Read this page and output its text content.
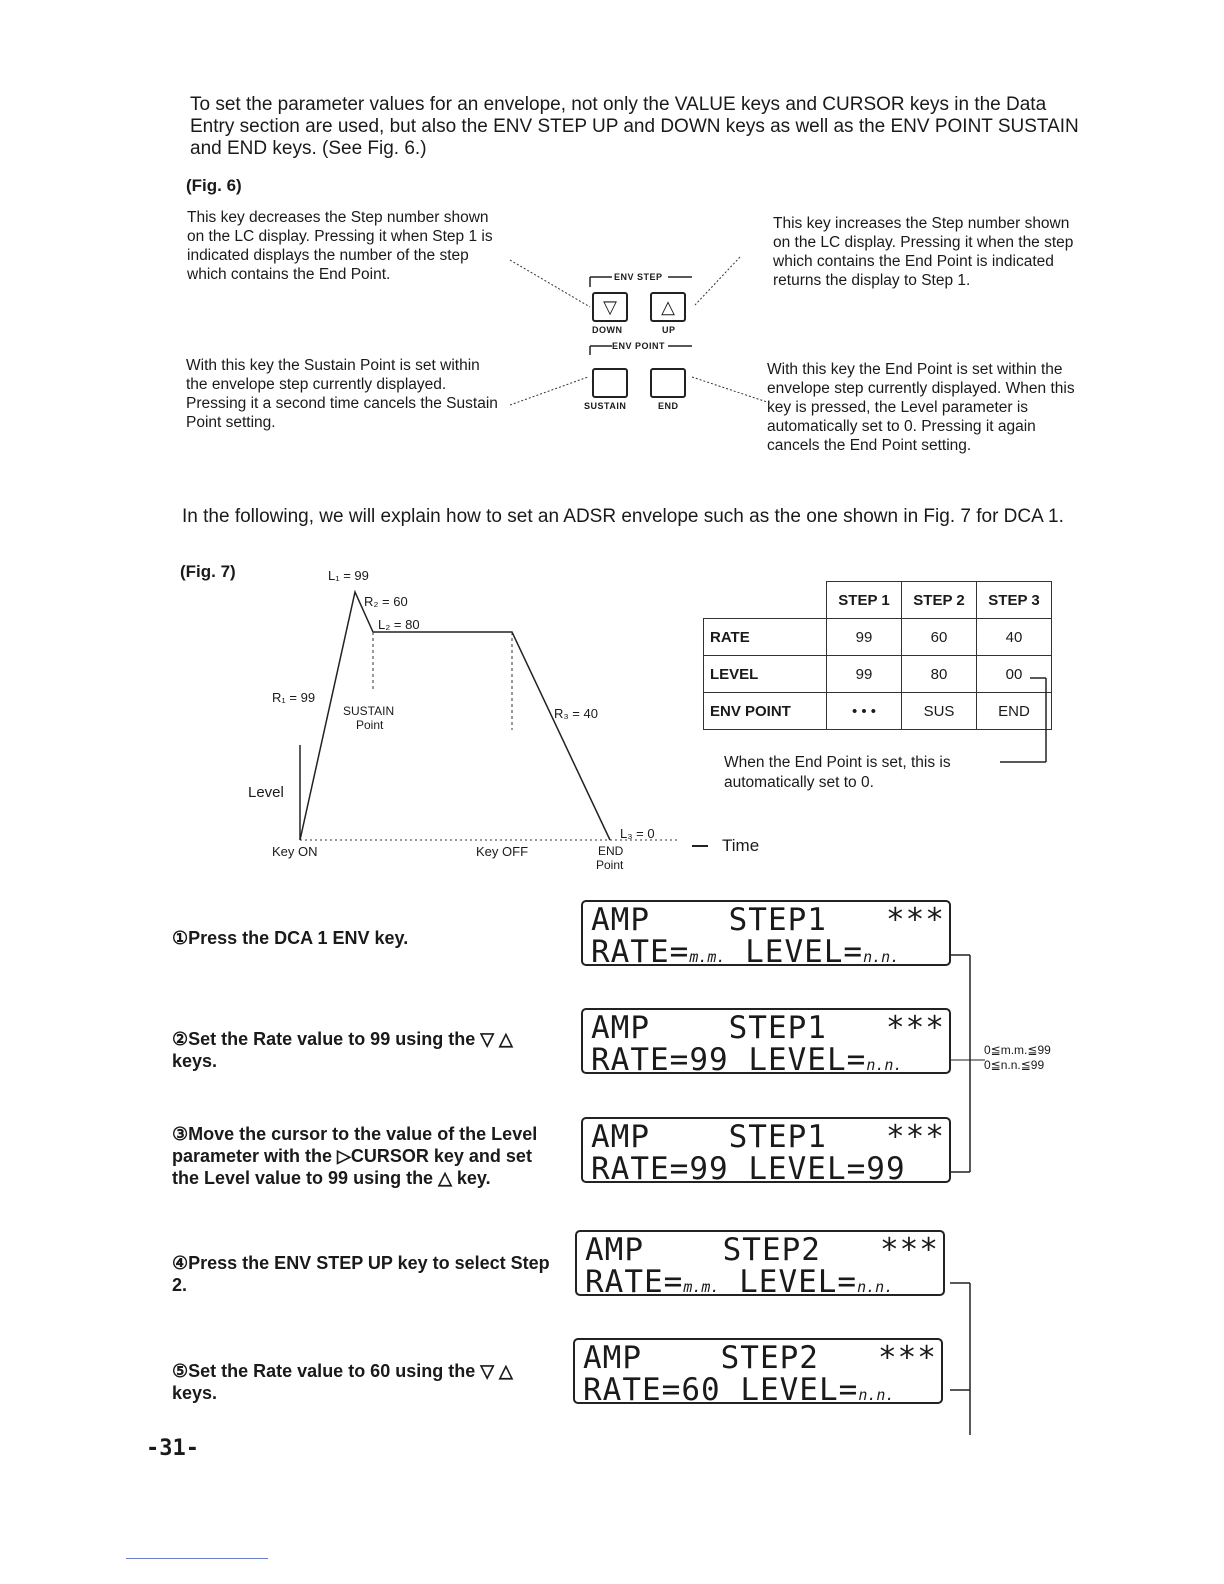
To set the parameter values for an envelope, not only the VALUE keys and CURSOR keys in the Data Entry section are used, but also the ENV STEP UP and DOWN keys as well as the ENV POINT SUSTAIN and END keys. (See Fig. 6.)
(Fig. 6)
This key decreases the Step number shown on the LC display. Pressing it when Step 1 is indicated displays the number of the step which contains the End Point.
This key increases the Step number shown on the LC display. Pressing it when the step which contains the End Point is indicated returns the display to Step 1.
With this key the Sustain Point is set within the envelope step currently displayed. Pressing it a second time cancels the Sustain Point setting.
With this key the End Point is set within the envelope step currently displayed. When this key is pressed, the Level parameter is automatically set to 0. Pressing it again cancels the End Point setting.
ENV STEP
▽	△
DOWN	UP
ENV POINT
SUSTAIN	END
In the following, we will explain how to set an ADSR envelope such as the one shown in Fig. 7 for DCA 1.
(Fig. 7)	L₁ = 99
R₂ = 60
L₂ = 80
R₁ = 99
SUSTAIN
Point
R₃ = 40
L₃ = 0
Level
Key ON	Key OFF	END
Point
Time
	STEP 1	STEP 2	STEP 3
RATE	99	60	40
LEVEL	99	80	00
ENV POINT	• • •	SUS	END
When the End Point is set, this is automatically set to 0.
①Press the DCA 1 ENV key.
②Set the Rate value to 99 using the ▽ △ keys.
③Move the cursor to the value of the Level parameter with the ▷CURSOR key and set the Level value to 99 using the △ key.
④Press the ENV STEP UP key to select Step 2.
⑤Set the Rate value to 60 using the ▽ △ keys.
AMP    STEP1   ***
RATE=m.m. LEVEL=n.n.
AMP    STEP1   ***
RATE=99 LEVEL=n.n.
AMP    STEP1   ***
RATE=99 LEVEL=99
AMP    STEP2   ***
RATE=m.m. LEVEL=n.n.
AMP    STEP2   ***
RATE=60 LEVEL=n.n.
0≦m.m.≦99
0≦n.n.≦99
-31-
